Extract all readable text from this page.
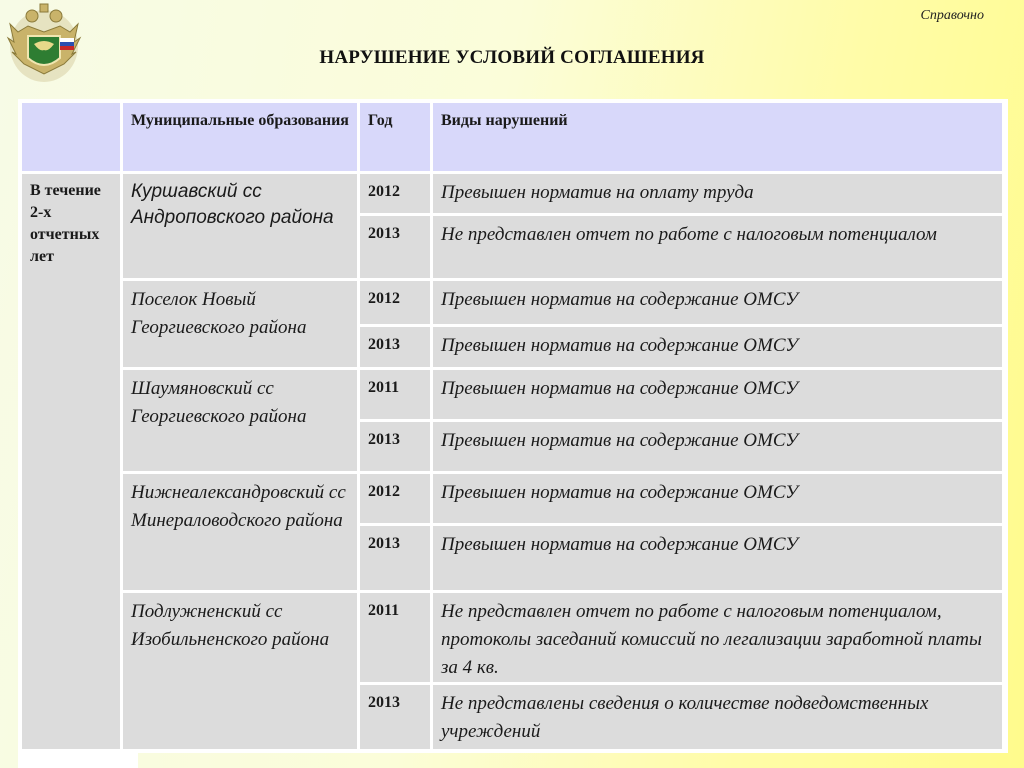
Справочно
НАРУШЕНИЕ УСЛОВИЙ СОГЛАШЕНИЯ
Муниципальные образования	Год	Виды нарушений
В течение 2-х отчетных лет
Куршавский сс Андроповского района
2012	Превышен норматив на оплату труда
2013	Не представлен отчет по работе с налоговым потенциалом
Поселок Новый Георгиевского района
2012	Превышен норматив на содержание ОМСУ
2013	Превышен норматив на содержание ОМСУ
Шаумяновский сс Георгиевского района
2011	Превышен норматив на содержание ОМСУ
2013	Превышен норматив на содержание ОМСУ
Нижнеалександровский сс Минераловодского района
2012	Превышен норматив на содержание ОМСУ
2013	Превышен норматив на содержание ОМСУ
Подлужненский сс Изобильненского района
2011	Не представлен отчет по работе с налоговым потенциалом, протоколы заседаний комиссий по легализации заработной платы за 4 кв.
2013	Не представлены сведения о количестве подведомственных учреждений
